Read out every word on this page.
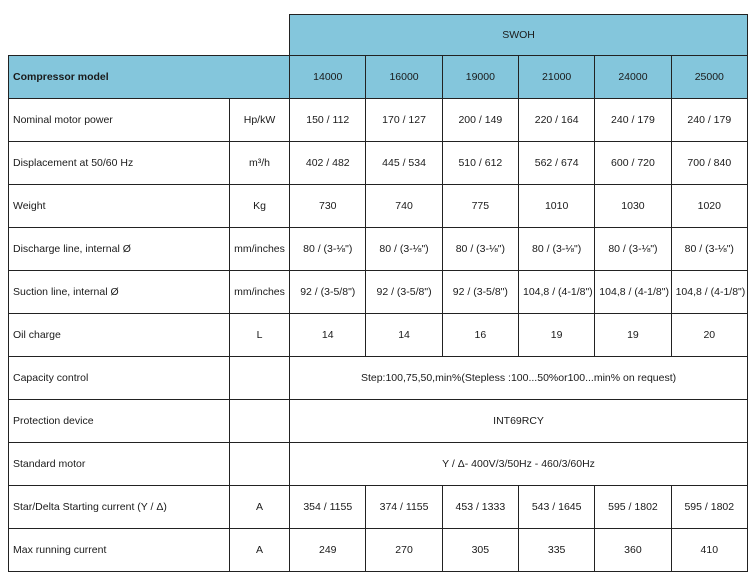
		SWOH					
Compressor model		14000	16000	19000	21000	24000	25000
Nominal motor power	Hp/kW	150 / 112	170 / 127	200 / 149	220 / 164	240 / 179	240 / 179
Displacement at 50/60 Hz	m³/h	402 / 482	445 / 534	510 / 612	562 / 674	600 / 720	700 / 840
Weight	Kg	730	740	775	1010	1030	1020
Discharge line, internal Ø	mm/inches	80 / (3-⅛")	80 / (3-⅛")	80 / (3-⅛")	80 / (3-⅛")	80 / (3-⅛")	80 / (3-⅛")
Suction line, internal Ø	mm/inches	92 / (3-5/8")	92 / (3-5/8")	92 / (3-5/8")	104,8 / (4-1/8")	104,8 / (4-1/8")	104,8 / (4-1/8")
Oil charge	L	14	14	16	19	19	20
Capacity control		Step:100,75,50,min%(Stepless :100...50%or100...min% on request)					
Protection device		INT69RCY					
Standard motor		Y / Δ- 400V/3/50Hz - 460/3/60Hz					
Star/Delta Starting current (Y / Δ)	A	354 / 1155	374 / 1155	453 / 1333	543 / 1645	595 / 1802	595 / 1802
Max running current	A	249	270	305	335	360	410
